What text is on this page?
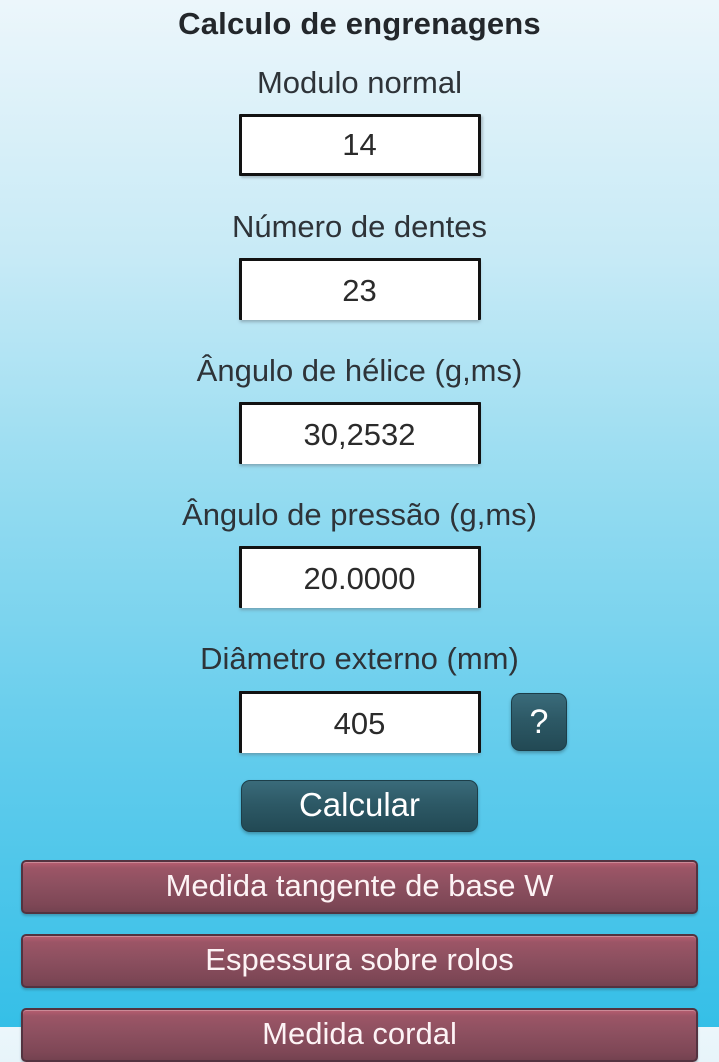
Calculo de engrenagens
Modulo normal
14
Número de dentes
23
Ângulo de hélice (g,ms)
30,2532
Ângulo de pressão (g,ms)
20.0000
Diâmetro externo (mm)
405
?
Calcular
Medida tangente de base W
Espessura sobre rolos
Medida cordal
